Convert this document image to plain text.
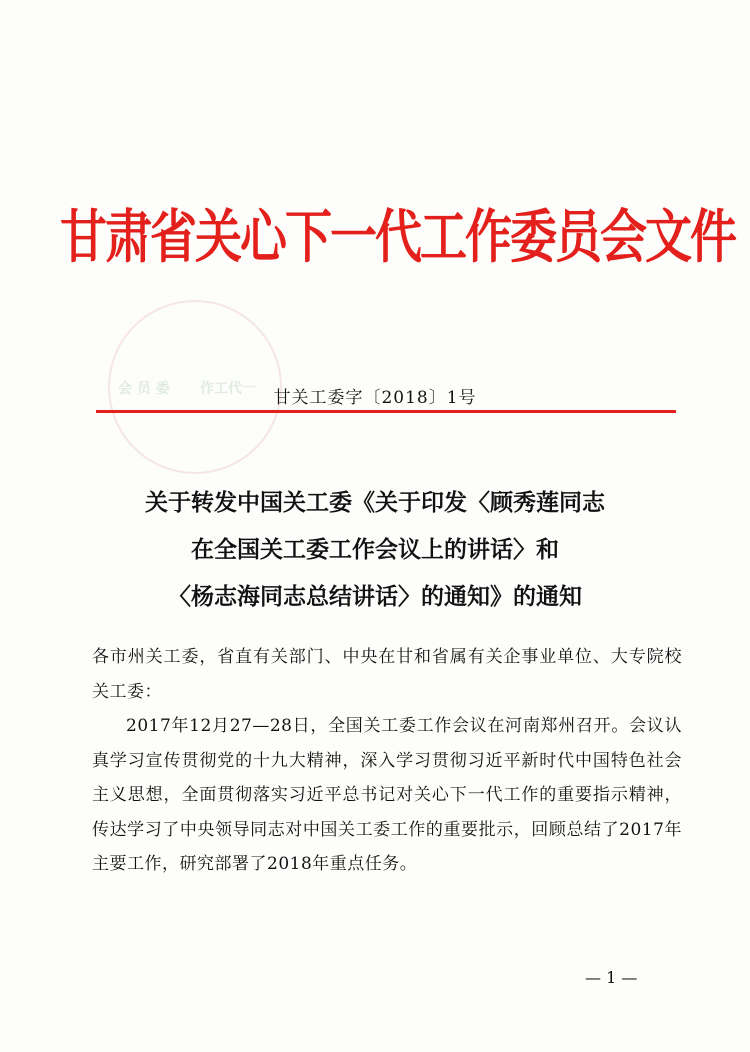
会 员 委 作工代一
甘肃省关心下一代工作委员会文件
甘关工委字〔2018〕1号
关于转发中国关工委《关于印发〈顾秀莲同志
在全国关工委工作会议上的讲话〉和
〈杨志海同志总结讲话〉的通知》的通知

各市州关工委，省直有关部门、中央在甘和省属有关企事业单位、大专院校关工委：

2017年12月27—28日，全国关工委工作会议在河南郑州召开。会议认真学习宣传贯彻党的十九大精神，深入学习贯彻习近平新时代中国特色社会主义思想，全面贯彻落实习近平总书记对关心下一代工作的重要指示精神，传达学习了中央领导同志对中国关工委工作的重要批示，回顾总结了2017年主要工作，研究部署了2018年重点任务。

— 1 —
